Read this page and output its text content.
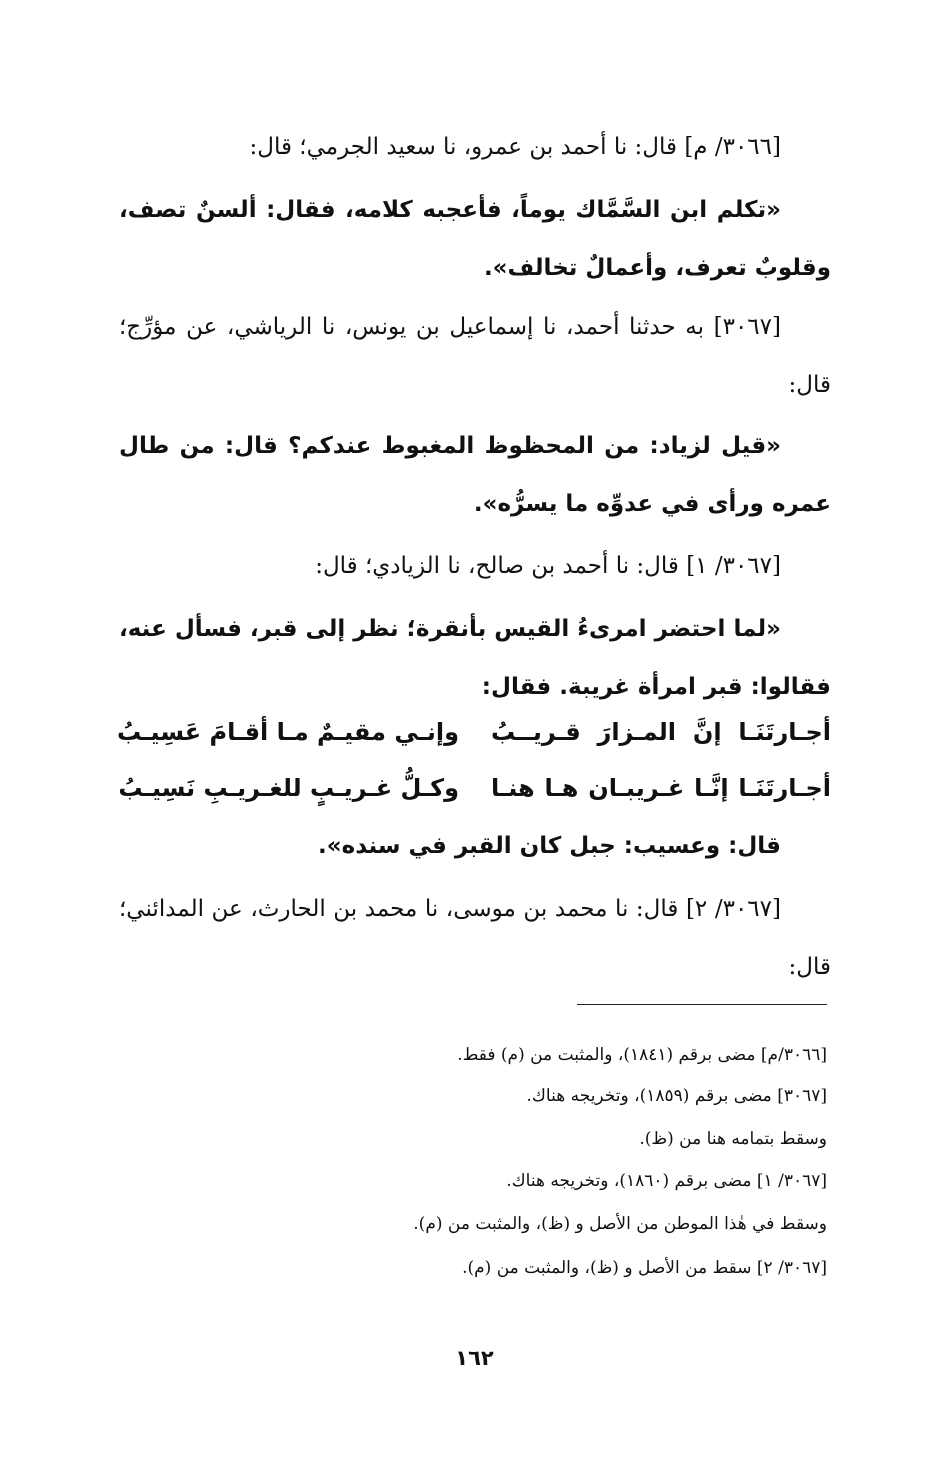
[٣٠٦٦/ م] قال: نا أحمد بن عمرو، نا سعيد الجرمي؛ قال:

«تكلم ابن السَّمَّاك يوماً، فأعجبه كلامه، فقال: ألسنٌ تصف، وقلوبٌ تعرف، وأعمالٌ تخالف».

[٣٠٦٧] به حدثنا أحمد، نا إسماعيل بن يونس، نا الرياشي، عن مؤرِّج؛ قال:

«قيل لزياد: من المحظوظ المغبوط عندكم؟ قال: من طال عمره ورأى في عدوِّه ما يسرُّه».

[٣٠٦٧/ ١] قال: نا أحمد بن صالح، نا الزيادي؛ قال:

«لما احتضر امرىءُ القيس بأنقرة؛ نظر إلى قبر، فسأل عنه، فقالوا: قبر امرأة غريبة. فقال:

أجـارتَنَـا إنَّ المـزارَ قـريــبُ
وإنـي مقيـمٌ مـا أقـامَ عَسِيـبُ
أجـارتَنَـا إنَّـا غـريبـان هـا هنـا
وكـلُّ غـريـبٍ للغـريـبِ نَسِيـبُ

قال: وعسيب: جبل كان القبر في سنده».

[٣٠٦٧/ ٢] قال: نا محمد بن موسى، نا محمد بن الحارث، عن المدائني؛ قال:

[٣٠٦٦/م] مضى برقم (١٨٤١)، والمثبت من (م) فقط.
[٣٠٦٧] مضى برقم (١٨٥٩)، وتخريجه هناك.
وسقط بتمامه هنا من (ظ).
[٣٠٦٧/ ١] مضى برقم (١٨٦٠)، وتخريجه هناك.
وسقط في هٰذا الموطن من الأصل و (ظ)، والمثبت من (م).
[٣٠٦٧/ ٢] سقط من الأصل و (ظ)، والمثبت من (م).
١٦٢
